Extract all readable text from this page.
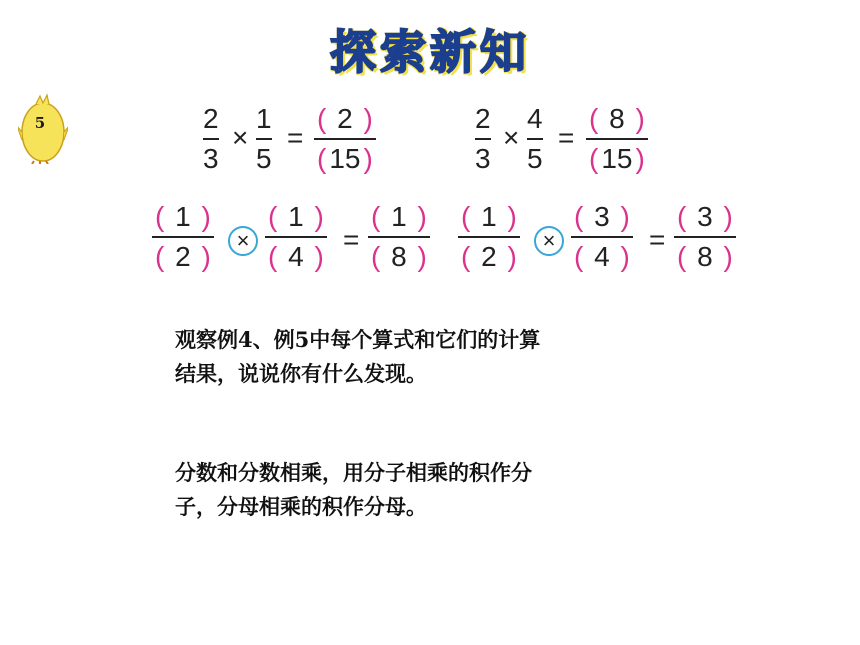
探索新知
5	2
3
×
1
5
=
( 2 )
( 15 )
2
3
×
4
5
=
( 8 )
( 15 )
( 1 )
( 2 )
×
( 1 )
( 4 )
=
( 1 )
( 8 )
( 1 )
( 2 )
×
( 3 )
( 4 )
=
( 3 )
( 8 )
观察例4、例5中每个算式和它们的计算
结果，说说你有什么发现。
分数和分数相乘，用分子相乘的积作分
子，分母相乘的积作分母。
